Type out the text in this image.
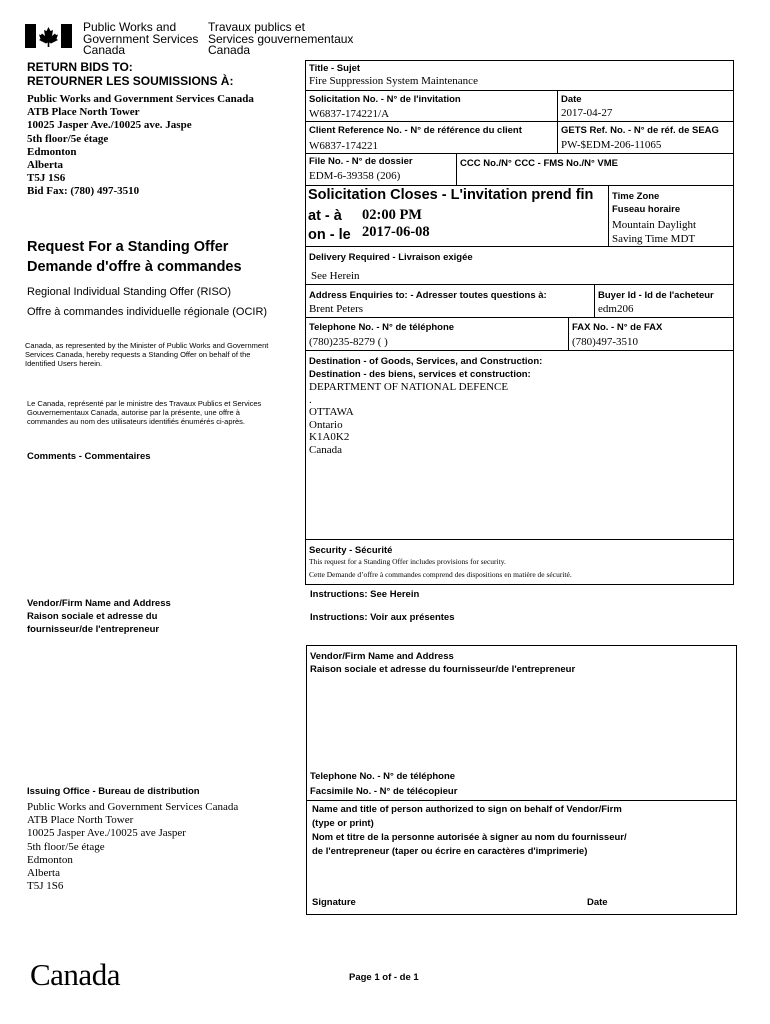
Public Works and
Government Services
Canada
Travaux publics et
Services gouvernementaux
Canada
RETURN BIDS TO:
RETOURNER LES SOUMISSIONS À:
Public Works and Government Services Canada
ATB Place North Tower
10025 Jasper Ave./10025 ave. Jaspe
5th floor/5e étage
Edmonton
Alberta
T5J 1S6
Bid Fax: (780) 497-3510
Request For a Standing Offer
Demande d'offre à commandes
Regional Individual Standing Offer (RISO)
Offre à commandes individuelle régionale (OCIR)
Canada, as represented by the Minister of Public Works and Government Services Canada, hereby requests a Standing Offer on behalf of the Identified Users herein.
Le Canada, représenté par le ministre des Travaux Publics et Services Gouvernementaux Canada, autorise par la présente, une offre à commandes au nom des utilisateurs identifiés énumérés ci-après.
Comments - Commentaires
Vendor/Firm Name and Address
Raison sociale et adresse du
fournisseur/de l'entrepreneur
Issuing Office - Bureau de distribution
Public Works and Government Services Canada
ATB Place North Tower
10025 Jasper Ave./10025 ave Jasper
5th floor/5e étage
Edmonton
Alberta
T5J 1S6
Title - Sujet
Fire Suppression System Maintenance
Solicitation No. - N° de l'invitation
W6837-174221/A
Date
2017-04-27
Client Reference No. - N° de référence du client
W6837-174221
GETS Ref. No. - N° de réf. de SEAG
PW-$EDM-206-11065
File No. - N° de dossier
EDM-6-39358 (206)
CCC No./N° CCC - FMS No./N° VME
Solicitation Closes - L'invitation prend fin
at - à 02:00 PM
on - le 2017-06-08
Time Zone
Fuseau horaire
Mountain Daylight
Saving Time MDT
Delivery Required - Livraison exigée
See Herein
Address Enquiries to: - Adresser toutes questions à:
Brent Peters
Buyer Id - Id de l'acheteur
edm206
Telephone No. - N° de téléphone
(780)235-8279 ( )
FAX No. - N° de FAX
(780)497-3510
Destination - of Goods, Services, and Construction:
Destination - des biens, services et construction:
DEPARTMENT OF NATIONAL DEFENCE
.
OTTAWA
Ontario
K1A0K2
Canada
Security - Sécurité
This request for a Standing Offer includes provisions for security.
Cette Demande d’offre à commandes comprend des dispositions en matière de sécurité.
Instructions: See Herein
Instructions: Voir aux présentes
Vendor/Firm Name and Address
Raison sociale et adresse du fournisseur/de l'entrepreneur
Telephone No. - N° de téléphone
Facsimile No. - N° de télécopieur
Name and title of person authorized to sign on behalf of Vendor/Firm
(type or print)
Nom et titre de la personne autorisée à signer au nom du fournisseur/
de l'entrepreneur (taper ou écrire en caractères d'imprimerie)
Signature	Date
Canada	Page 1 of - de 1
